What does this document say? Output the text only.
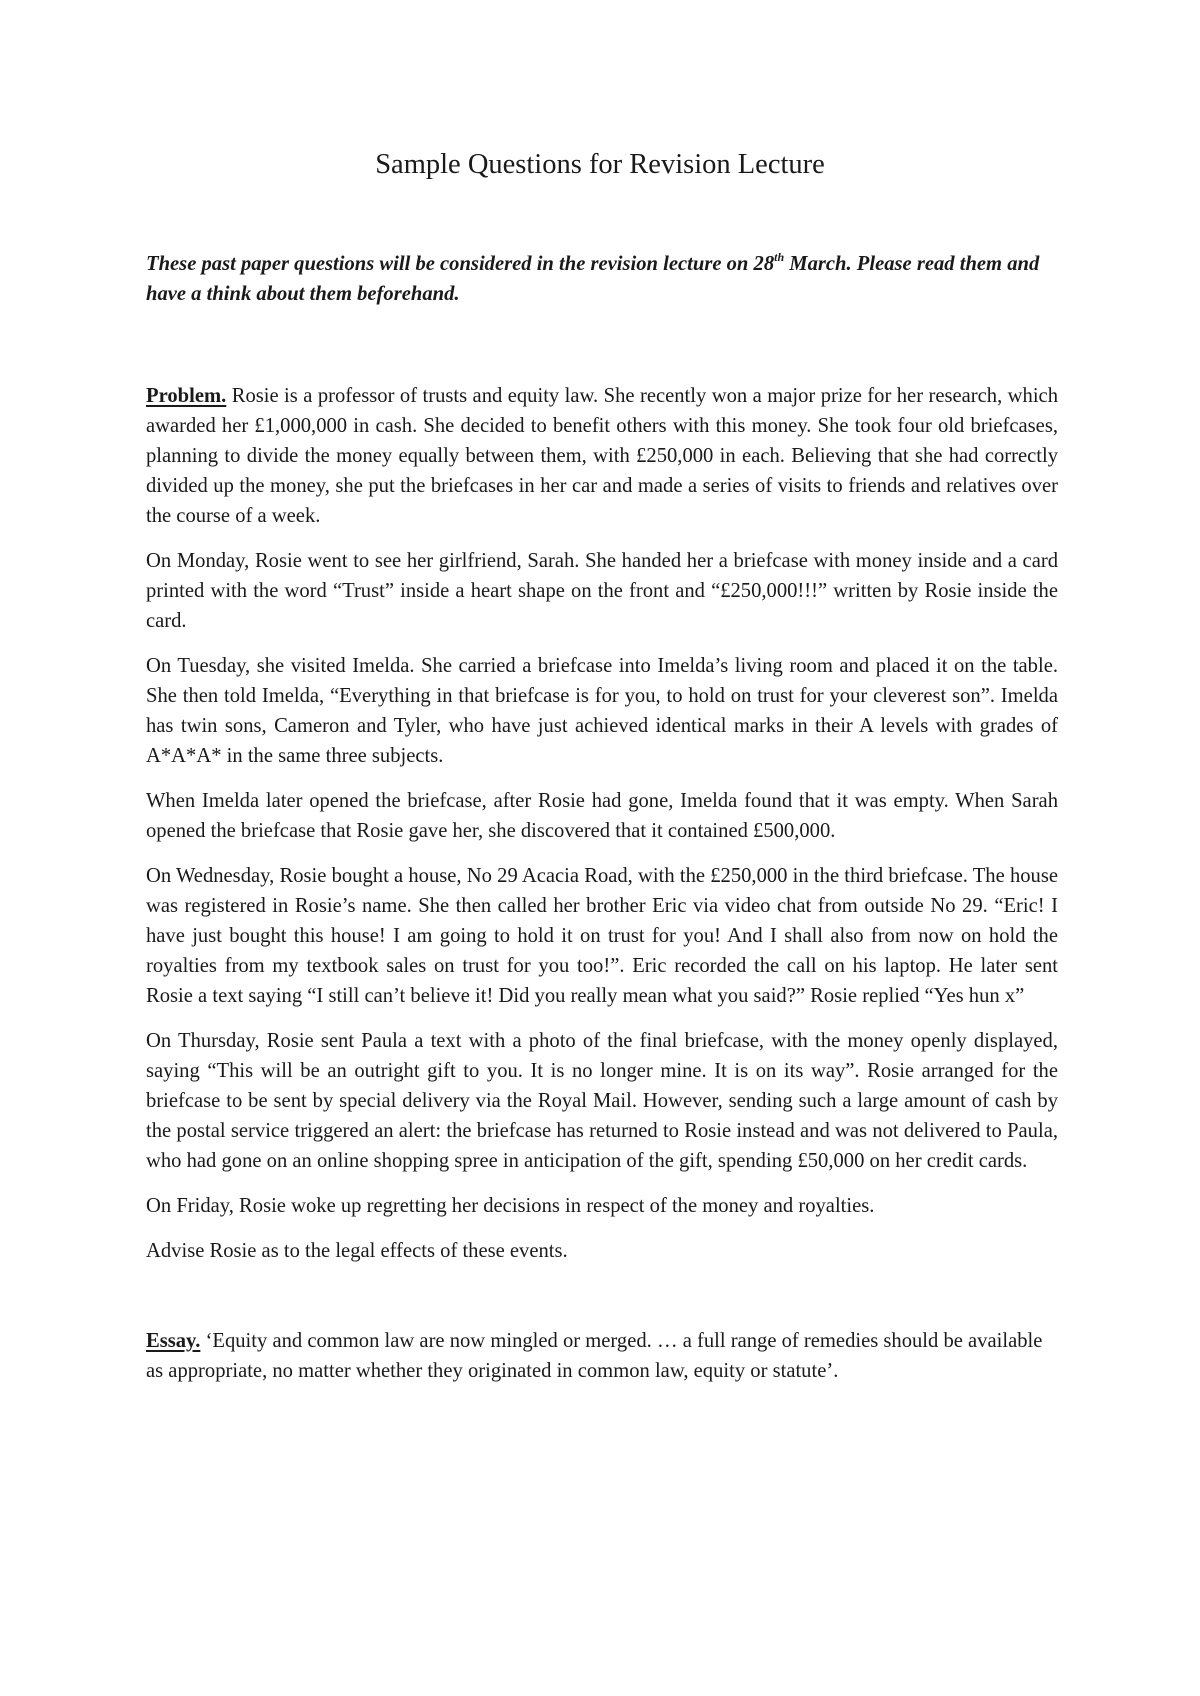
Sample Questions for Revision Lecture

These past paper questions will be considered in the revision lecture on 28th March. Please read them and have a think about them beforehand.

Problem. Rosie is a professor of trusts and equity law. She recently won a major prize for her research, which awarded her £1,000,000 in cash. She decided to benefit others with this money. She took four old briefcases, planning to divide the money equally between them, with £250,000 in each. Believing that she had correctly divided up the money, she put the briefcases in her car and made a series of visits to friends and relatives over the course of a week.

On Monday, Rosie went to see her girlfriend, Sarah. She handed her a briefcase with money inside and a card printed with the word “Trust” inside a heart shape on the front and “£250,000!!!” written by Rosie inside the card.

On Tuesday, she visited Imelda. She carried a briefcase into Imelda’s living room and placed it on the table. She then told Imelda, “Everything in that briefcase is for you, to hold on trust for your cleverest son”. Imelda has twin sons, Cameron and Tyler, who have just achieved identical marks in their A levels with grades of A*A*A* in the same three subjects.

When Imelda later opened the briefcase, after Rosie had gone, Imelda found that it was empty. When Sarah opened the briefcase that Rosie gave her, she discovered that it contained £500,000.

On Wednesday, Rosie bought a house, No 29 Acacia Road, with the £250,000 in the third briefcase. The house was registered in Rosie’s name. She then called her brother Eric via video chat from outside No 29. “Eric! I have just bought this house! I am going to hold it on trust for you! And I shall also from now on hold the royalties from my textbook sales on trust for you too!”. Eric recorded the call on his laptop. He later sent Rosie a text saying “I still can’t believe it! Did you really mean what you said?” Rosie replied “Yes hun x”

On Thursday, Rosie sent Paula a text with a photo of the final briefcase, with the money openly displayed, saying “This will be an outright gift to you. It is no longer mine. It is on its way”. Rosie arranged for the briefcase to be sent by special delivery via the Royal Mail. However, sending such a large amount of cash by the postal service triggered an alert: the briefcase has returned to Rosie instead and was not delivered to Paula, who had gone on an online shopping spree in anticipation of the gift, spending £50,000 on her credit cards.

On Friday, Rosie woke up regretting her decisions in respect of the money and royalties.

Advise Rosie as to the legal effects of these events.

Essay. ‘Equity and common law are now mingled or merged. … a full range of remedies should be available as appropriate, no matter whether they originated in common law, equity or statute’.
